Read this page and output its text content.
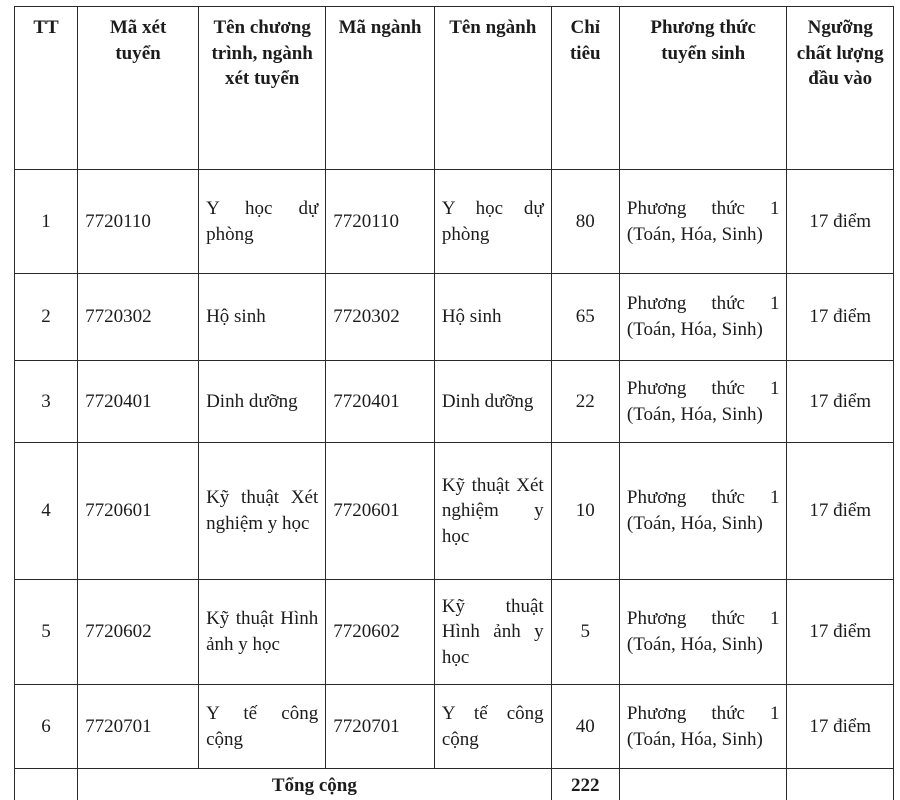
TT	Mã xét tuyển	Tên chương trình, ngành xét tuyển	Mã ngành	Tên ngành	Chỉ tiêu	Phương thức tuyển sinh	Ngưỡng chất lượng đầu vào
1	7720110	Y học dự phòng	7720110	Y học dự phòng	80	Phương thức 1 (Toán, Hóa, Sinh)	17 điểm
2	7720302	Hộ sinh	7720302	Hộ sinh	65	Phương thức 1 (Toán, Hóa, Sinh)	17 điểm
3	7720401	Dinh dưỡng	7720401	Dinh dưỡng	22	Phương thức 1 (Toán, Hóa, Sinh)	17 điểm
4	7720601	Kỹ thuật Xét nghiệm y học	7720601	Kỹ thuật Xét nghiệm y học	10	Phương thức 1 (Toán, Hóa, Sinh)	17 điểm
5	7720602	Kỹ thuật Hình ảnh y học	7720602	Kỹ thuật Hình ảnh y học	5	Phương thức 1 (Toán, Hóa, Sinh)	17 điểm
6	7720701	Y tế công cộng	7720701	Y tế công cộng	40	Phương thức 1 (Toán, Hóa, Sinh)	17 điểm
	Tổng cộng				222		
